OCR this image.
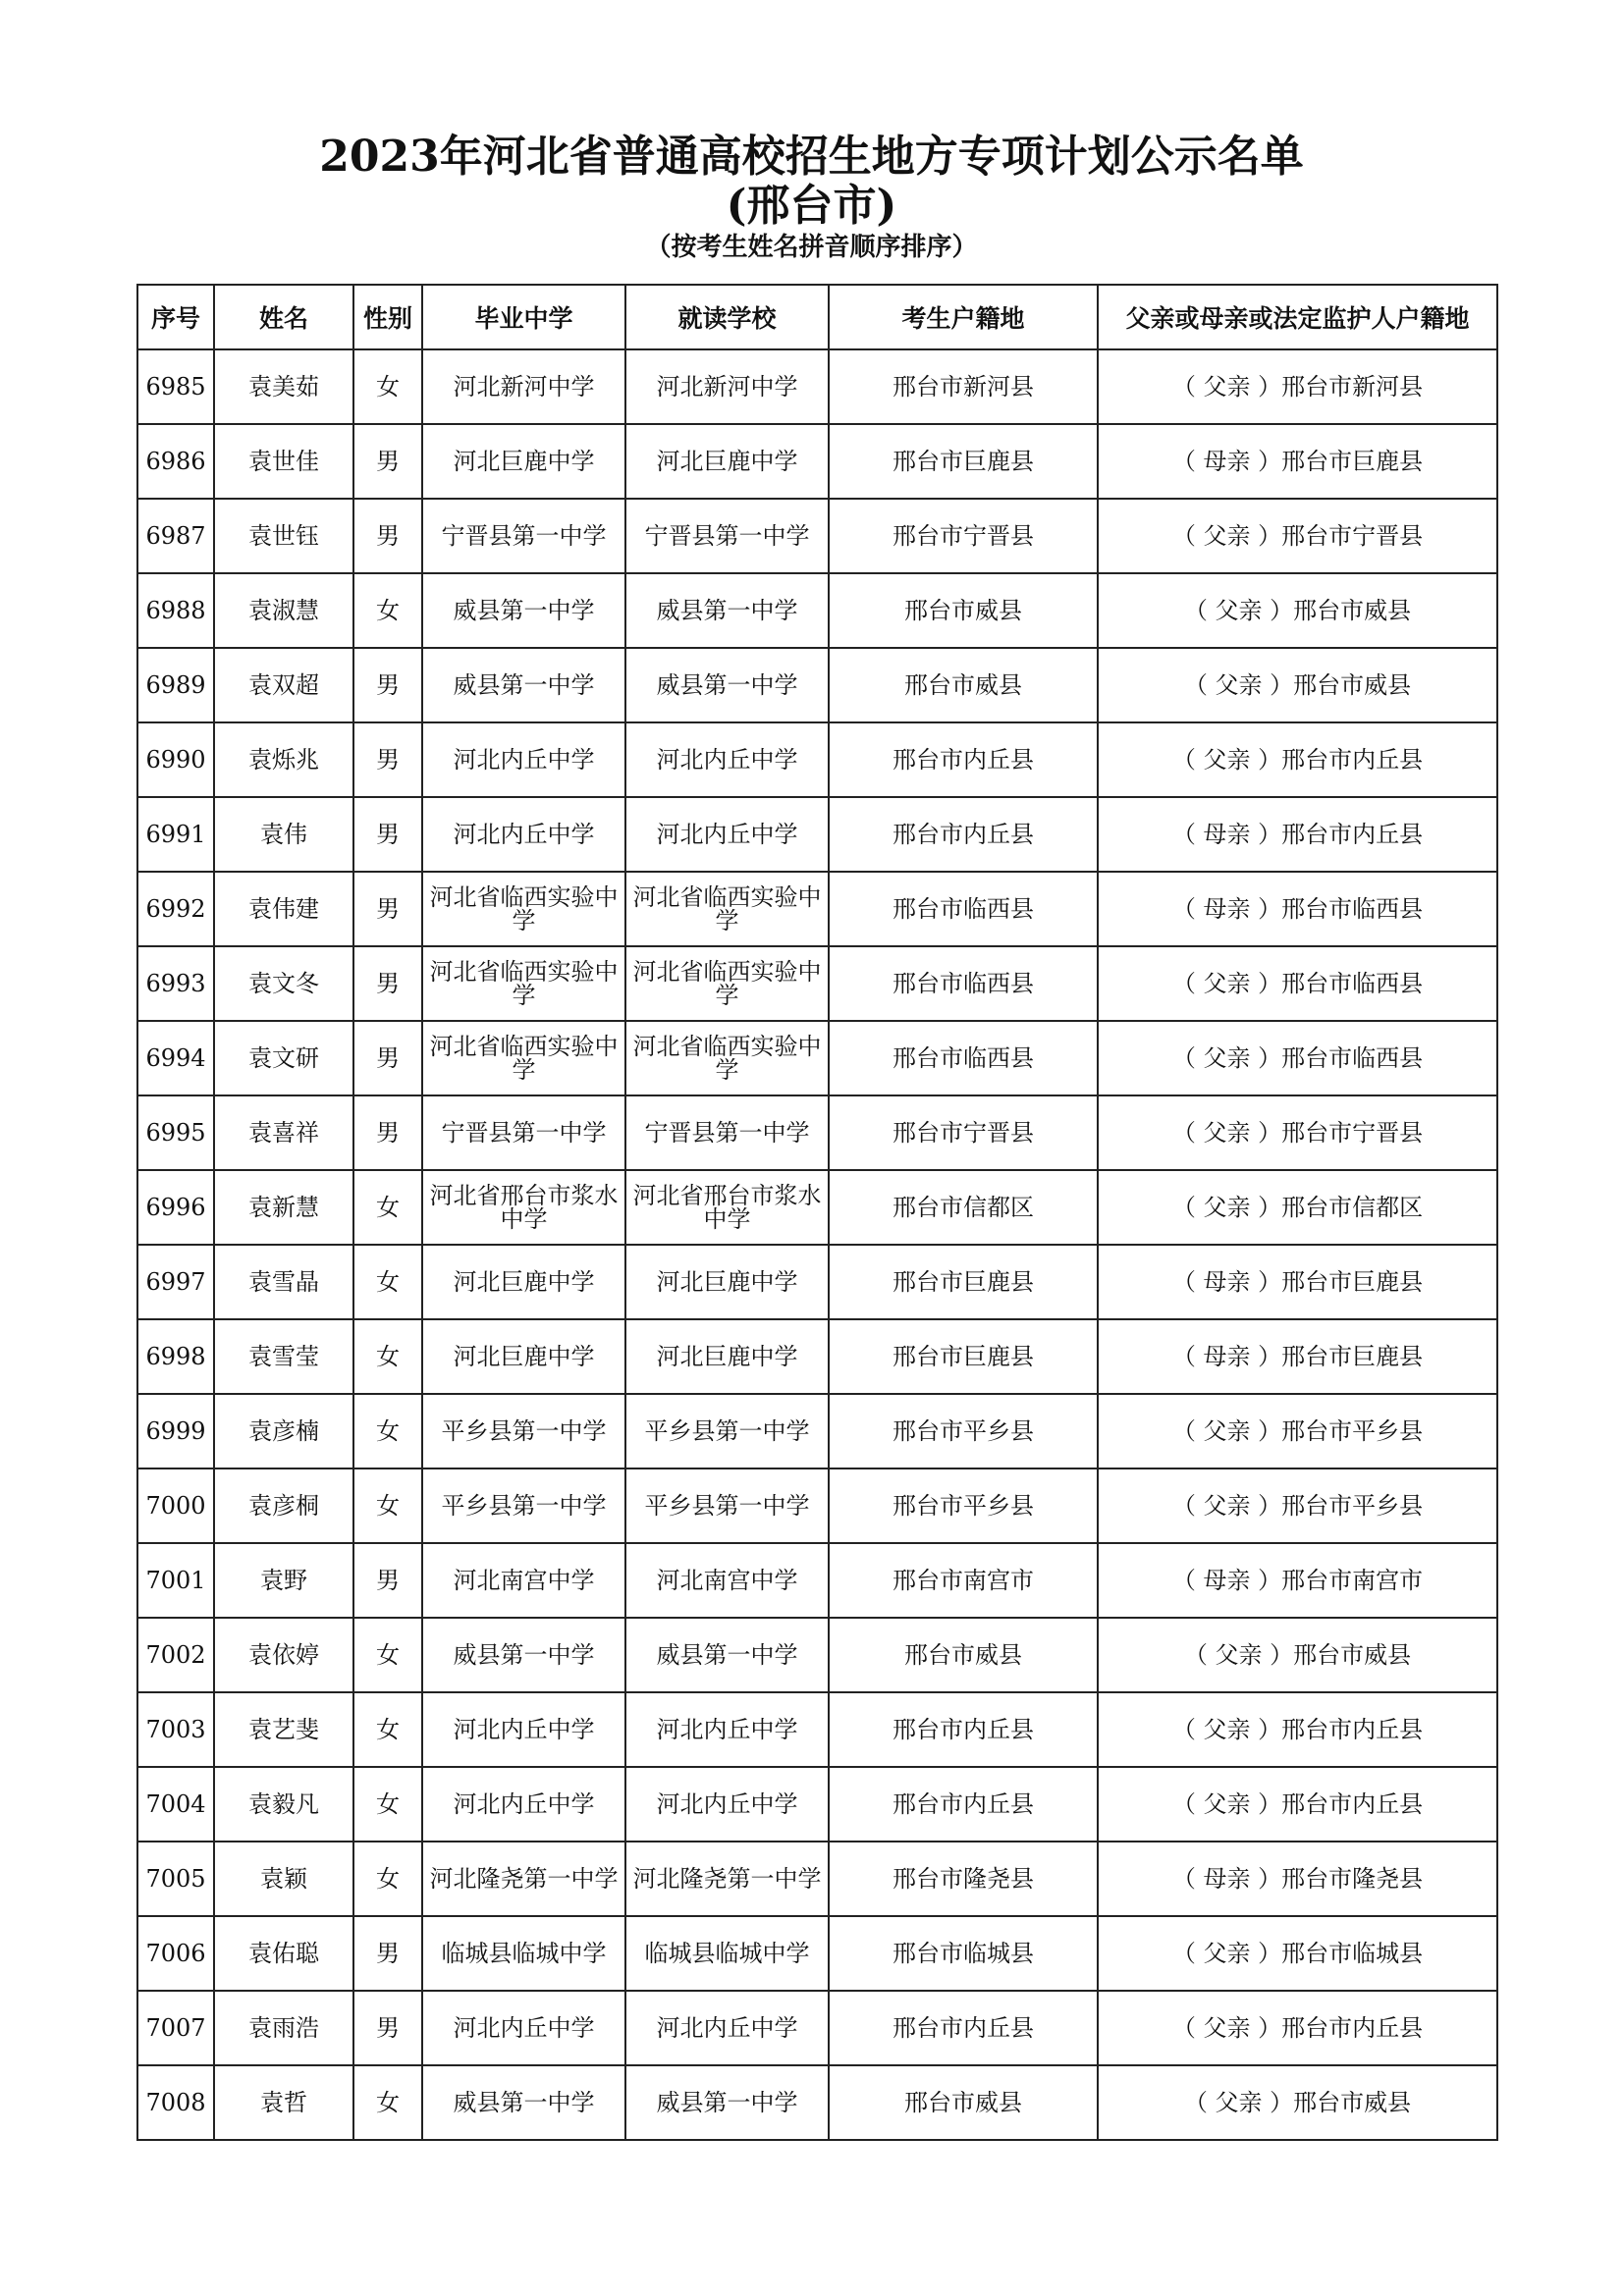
2023年河北省普通高校招生地方专项计划公示名单
(邢台市)
（按考生姓名拼音顺序排序）
序号	姓名	性别	毕业中学	就读学校	考生户籍地	父亲或母亲或法定监护人户籍地
6985	袁美茹	女	河北新河中学	河北新河中学	邢台市新河县	（ 父亲 ）邢台市新河县
6986	袁世佳	男	河北巨鹿中学	河北巨鹿中学	邢台市巨鹿县	（ 母亲 ）邢台市巨鹿县
6987	袁世钰	男	宁晋县第一中学	宁晋县第一中学	邢台市宁晋县	（ 父亲 ）邢台市宁晋县
6988	袁淑慧	女	威县第一中学	威县第一中学	邢台市威县	（ 父亲 ）邢台市威县
6989	袁双超	男	威县第一中学	威县第一中学	邢台市威县	（ 父亲 ）邢台市威县
6990	袁烁兆	男	河北内丘中学	河北内丘中学	邢台市内丘县	（ 父亲 ）邢台市内丘县
6991	袁伟	男	河北内丘中学	河北内丘中学	邢台市内丘县	（ 母亲 ）邢台市内丘县
6992	袁伟建	男	河北省临西实验中学	河北省临西实验中学	邢台市临西县	（ 母亲 ）邢台市临西县
6993	袁文冬	男	河北省临西实验中学	河北省临西实验中学	邢台市临西县	（ 父亲 ）邢台市临西县
6994	袁文研	男	河北省临西实验中学	河北省临西实验中学	邢台市临西县	（ 父亲 ）邢台市临西县
6995	袁喜祥	男	宁晋县第一中学	宁晋县第一中学	邢台市宁晋县	（ 父亲 ）邢台市宁晋县
6996	袁新慧	女	河北省邢台市浆水中学	河北省邢台市浆水中学	邢台市信都区	（ 父亲 ）邢台市信都区
6997	袁雪晶	女	河北巨鹿中学	河北巨鹿中学	邢台市巨鹿县	（ 母亲 ）邢台市巨鹿县
6998	袁雪莹	女	河北巨鹿中学	河北巨鹿中学	邢台市巨鹿县	（ 母亲 ）邢台市巨鹿县
6999	袁彦楠	女	平乡县第一中学	平乡县第一中学	邢台市平乡县	（ 父亲 ）邢台市平乡县
7000	袁彦桐	女	平乡县第一中学	平乡县第一中学	邢台市平乡县	（ 父亲 ）邢台市平乡县
7001	袁野	男	河北南宫中学	河北南宫中学	邢台市南宫市	（ 母亲 ）邢台市南宫市
7002	袁依婷	女	威县第一中学	威县第一中学	邢台市威县	（ 父亲 ）邢台市威县
7003	袁艺斐	女	河北内丘中学	河北内丘中学	邢台市内丘县	（ 父亲 ）邢台市内丘县
7004	袁毅凡	女	河北内丘中学	河北内丘中学	邢台市内丘县	（ 父亲 ）邢台市内丘县
7005	袁颖	女	河北隆尧第一中学	河北隆尧第一中学	邢台市隆尧县	（ 母亲 ）邢台市隆尧县
7006	袁佑聪	男	临城县临城中学	临城县临城中学	邢台市临城县	（ 父亲 ）邢台市临城县
7007	袁雨浩	男	河北内丘中学	河北内丘中学	邢台市内丘县	（ 父亲 ）邢台市内丘县
7008	袁哲	女	威县第一中学	威县第一中学	邢台市威县	（ 父亲 ）邢台市威县
